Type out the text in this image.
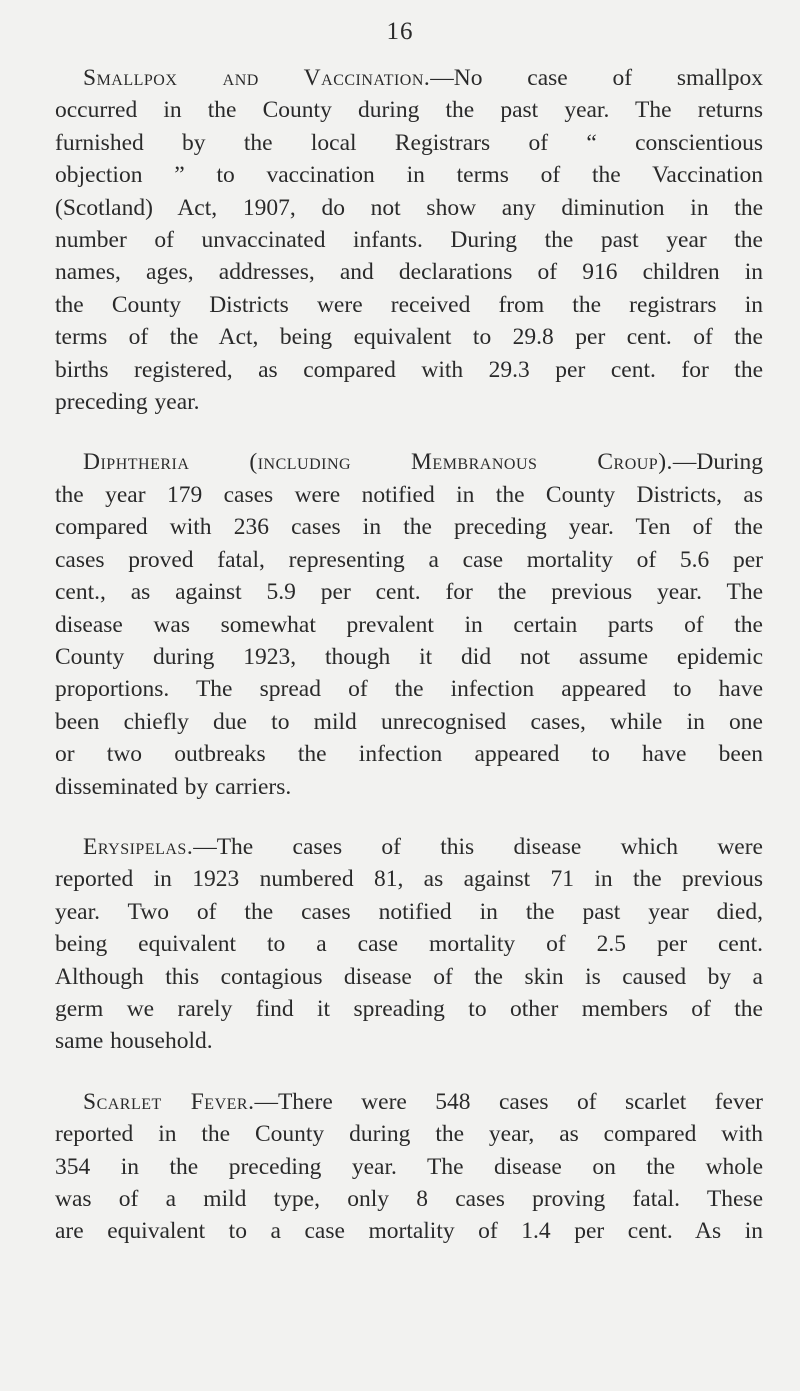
16

Smallpox and Vaccination.—No case of smallpox
occurred in the County during the past year. The returns
furnished by the local Registrars of “ conscientious
objection ” to vaccination in terms of the Vaccination
(Scotland) Act, 1907, do not show any diminution in the
number of unvaccinated infants. During the past year the
names, ages, addresses, and declarations of 916 children in
the County Districts were received from the registrars in
terms of the Act, being equivalent to 29.8 per cent. of the
births registered, as compared with 29.3 per cent. for the
preceding year.

Diphtheria (including Membranous Croup).—During
the year 179 cases were notified in the County Districts, as
compared with 236 cases in the preceding year. Ten of the
cases proved fatal, representing a case mortality of 5.6 per
cent., as against 5.9 per cent. for the previous year. The
disease was somewhat prevalent in certain parts of the
County during 1923, though it did not assume epidemic
proportions. The spread of the infection appeared to have
been chiefly due to mild unrecognised cases, while in one
or two outbreaks the infection appeared to have been
disseminated by carriers.

Erysipelas.—The cases of this disease which were
reported in 1923 numbered 81, as against 71 in the previous
year. Two of the cases notified in the past year died,
being equivalent to a case mortality of 2.5 per cent.
Although this contagious disease of the skin is caused by a
germ we rarely find it spreading to other members of the
same household.

Scarlet Fever.—There were 548 cases of scarlet fever
reported in the County during the year, as compared with
354 in the preceding year. The disease on the whole
was of a mild type, only 8 cases proving fatal. These
are equivalent to a case mortality of 1.4 per cent. As in
